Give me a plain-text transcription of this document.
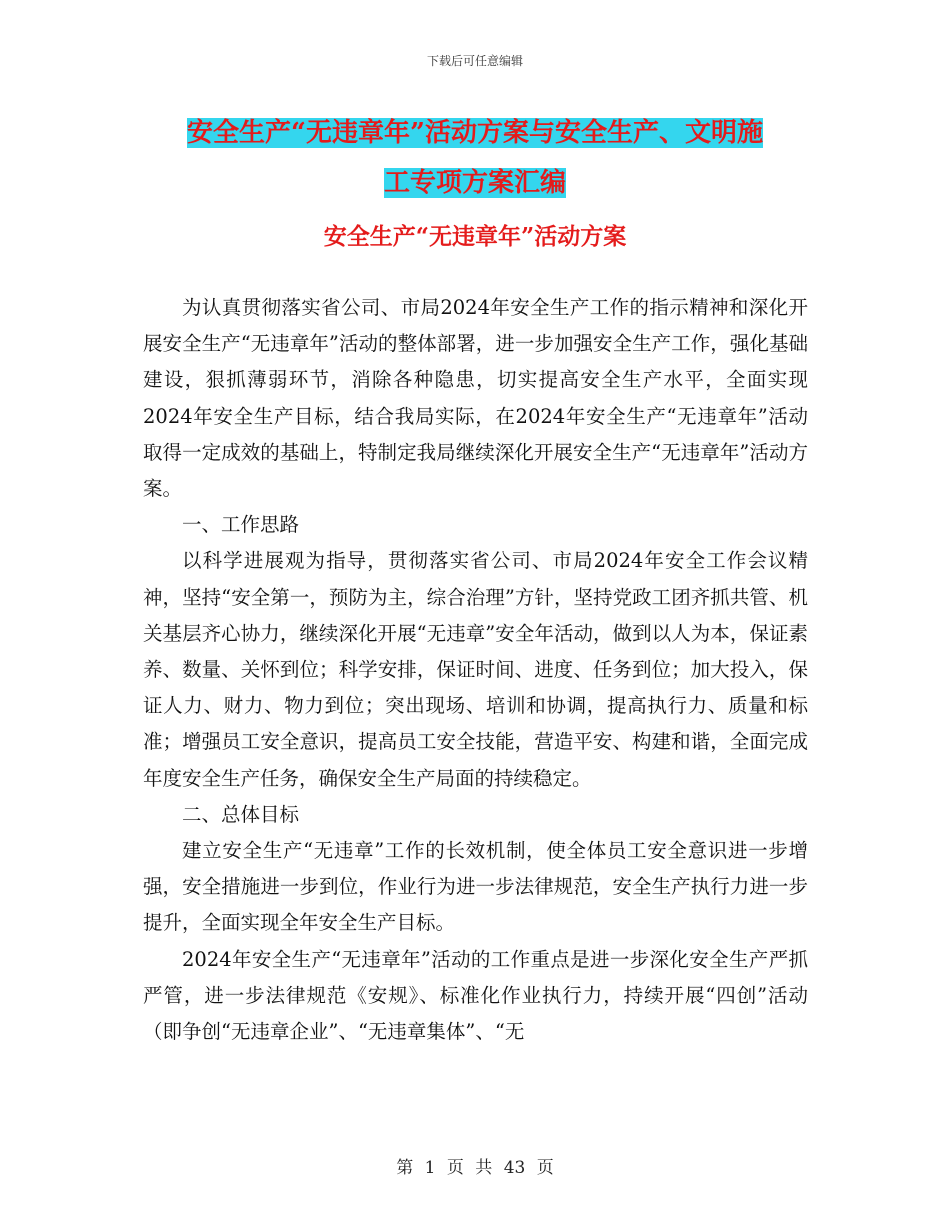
下载后可任意编辑
安全生产“无违章年”活动方案与安全生产、文明施
工专项方案汇编
安全生产“无违章年”活动方案

为认真贯彻落实省公司、市局2024年安全生产工作的指示精神和深化开展安全生产“无违章年”活动的整体部署，进一步加强安全生产工作，强化基础建设，狠抓薄弱环节，消除各种隐患，切实提高安全生产水平，全面实现2024年安全生产目标，结合我局实际，在2024年安全生产“无违章年”活动取得一定成效的基础上，特制定我局继续深化开展安全生产“无违章年”活动方案。

一、工作思路

以科学进展观为指导，贯彻落实省公司、市局2024年安全工作会议精神，坚持“安全第一，预防为主，综合治理”方针，坚持党政工团齐抓共管、机关基层齐心协力，继续深化开展“无违章”安全年活动，做到以人为本，保证素养、数量、关怀到位；科学安排，保证时间、进度、任务到位；加大投入，保证人力、财力、物力到位；突出现场、培训和协调，提高执行力、质量和标准；增强员工安全意识，提高员工安全技能，营造平安、构建和谐，全面完成年度安全生产任务，确保安全生产局面的持续稳定。

二、总体目标

建立安全生产“无违章”工作的长效机制，使全体员工安全意识进一步增强，安全措施进一步到位，作业行为进一步法律规范，安全生产执行力进一步提升，全面实现全年安全生产目标。

2024年安全生产“无违章年”活动的工作重点是进一步深化安全生产严抓严管，进一步法律规范《安规》、标准化作业执行力，持续开展“四创”活动（即争创“无违章企业”、“无违章集体”、“无

第 1 页 共 43 页
